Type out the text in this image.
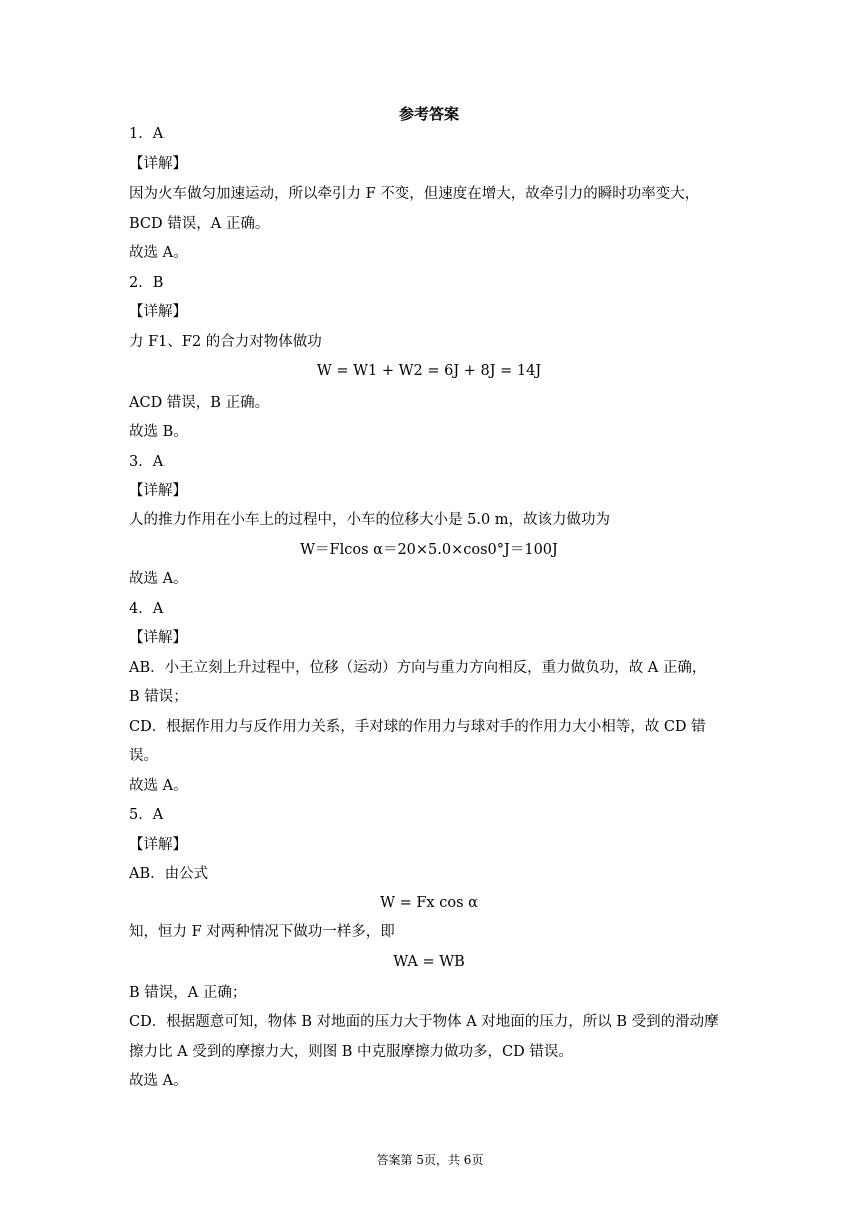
参考答案
1．A
【详解】
因为火车做匀加速运动，所以牵引力 F 不变，但速度在增大，故牵引力的瞬时功率变大，
BCD 错误，A 正确。
故选 A。
2．B
【详解】
力 F1、F2 的合力对物体做功
W = W1 + W2 = 6J + 8J = 14J
ACD 错误，B 正确。
故选 B。
3．A
【详解】
人的推力作用在小车上的过程中，小车的位移大小是 5.0 m，故该力做功为
W＝Flcos α＝20×5.0×cos0°J＝100J
故选 A。
4．A
【详解】
AB．小王立刻上升过程中，位移（运动）方向与重力方向相反，重力做负功，故 A 正确，
B 错误；
CD．根据作用力与反作用力关系，手对球的作用力与球对手的作用力大小相等，故 CD 错
误。
故选 A。
5．A
【详解】
AB．由公式
W = Fx cos α
知，恒力 F 对两种情况下做功一样多，即
WA = WB
B 错误，A 正确；
CD．根据题意可知，物体 B 对地面的压力大于物体 A 对地面的压力，所以 B 受到的滑动摩
擦力比 A 受到的摩擦力大，则图 B 中克服摩擦力做功多，CD 错误。
故选 A。
答案第 5页，共 6页
